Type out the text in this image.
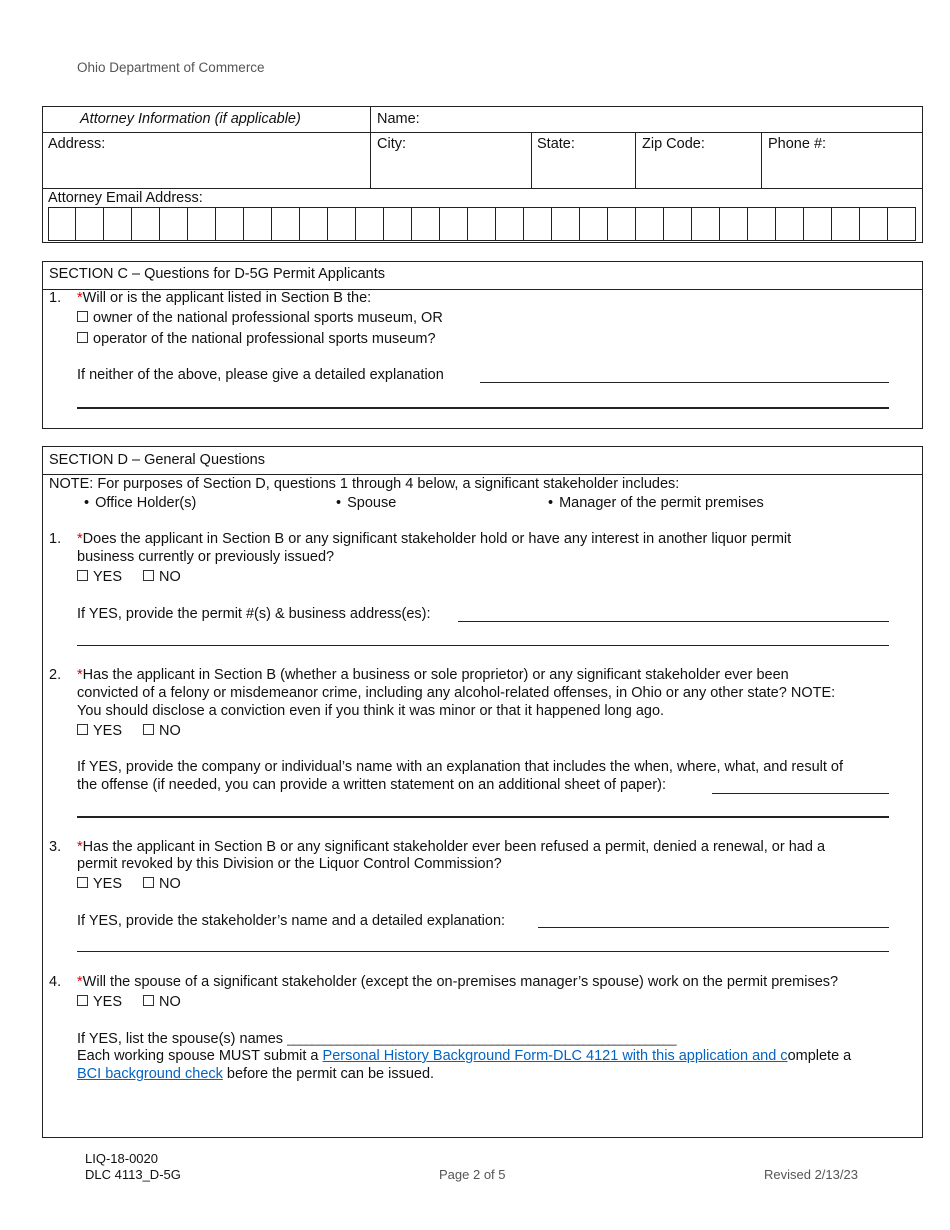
Ohio Department of Commerce
Attorney Information (if applicable)	Name:
Address:	City:	State:	Zip Code:	Phone #:
Attorney Email Address:
SECTION C – Questions for D-5G Permit Applicants
1. *Will or is the applicant listed in Section B the:
owner of the national professional sports museum, OR
operator of the national professional sports museum?
If neither of the above, please give a detailed explanation
SECTION D – General Questions
NOTE: For purposes of Section D, questions 1 through 4 below, a significant stakeholder includes:
• Office Holder(s)	• Spouse	• Manager of the permit premises
1. *Does the applicant in Section B or any significant stakeholder hold or have any interest in another liquor permit
business currently or previously issued?
YES	NO
If YES, provide the permit #(s) & business address(es):
2. *Has the applicant in Section B (whether a business or sole proprietor) or any significant stakeholder ever been
convicted of a felony or misdemeanor crime, including any alcohol-related offenses, in Ohio or any other state? NOTE:
You should disclose a conviction even if you think it was minor or that it happened long ago.
YES	NO
If YES, provide the company or individual’s name with an explanation that includes the when, where, what, and result of
the offense (if needed, you can provide a written statement on an additional sheet of paper):
3. *Has the applicant in Section B or any significant stakeholder ever been refused a permit, denied a renewal, or had a
permit revoked by this Division or the Liquor Control Commission?
YES	NO
If YES, provide the stakeholder’s name and a detailed explanation:
4. *Will the spouse of a significant stakeholder (except the on-premises manager’s spouse) work on the permit premises?
YES	NO
If YES, list the spouse(s) names _______________________________________________________________
Each working spouse MUST submit a Personal History Background Form-DLC 4121 with this application and complete a
BCI background check before the permit can be issued.
LIQ-18-0020
DLC 4113_D-5G	Page 2 of 5	Revised 2/13/23
